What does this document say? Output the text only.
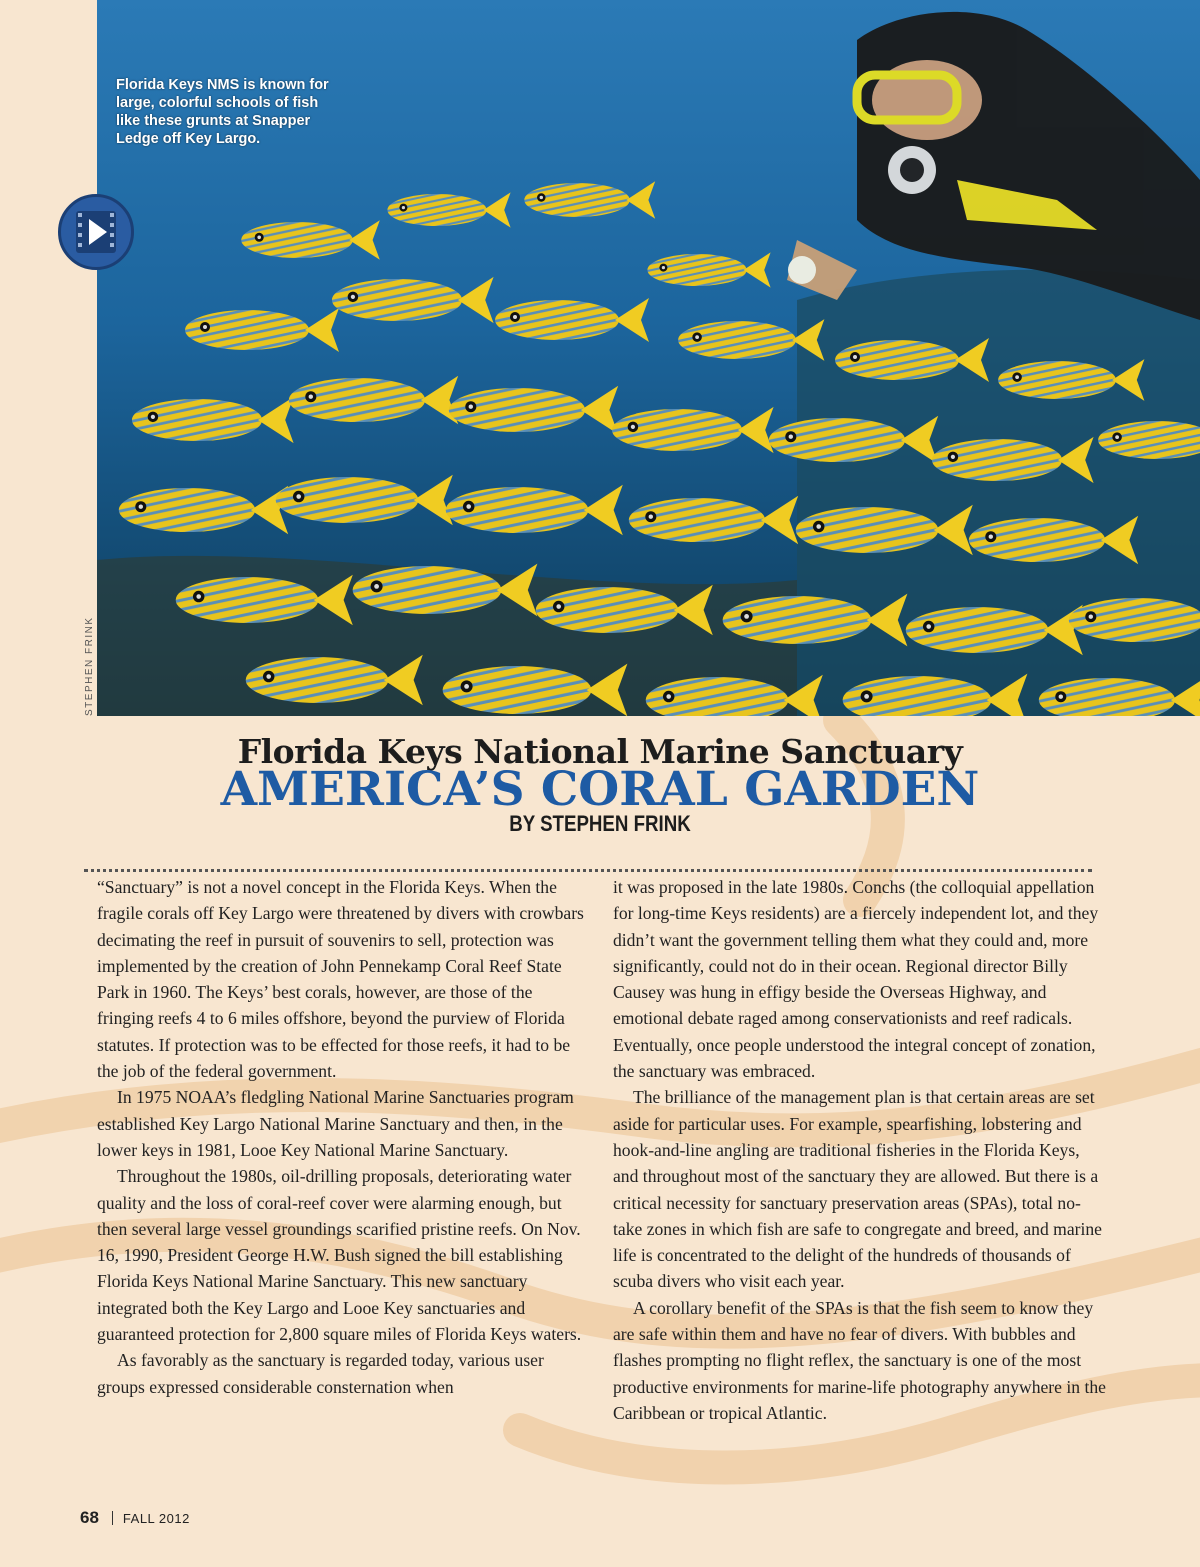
Florida Keys NMS is known for large, colorful schools of fish like these grunts at Snapper Ledge off Key Largo.
STEPHEN FRINK
Florida Keys National Marine Sanctuary
AMERICA’S CORAL GARDEN
BY STEPHEN FRINK

“Sanctuary” is not a novel concept in the Florida Keys. When the fragile corals off Key Largo were threatened by divers with crowbars decimating the reef in pursuit of souvenirs to sell, protection was implemented by the creation of John Pennekamp Coral Reef State Park in 1960. The Keys’ best corals, however, are those of the fringing reefs 4 to 6 miles offshore, beyond the purview of Florida statutes. If protection was to be effected for those reefs, it had to be the job of the federal government.

In 1975 NOAA’s fledgling National Marine Sanctuaries program established Key Largo National Marine Sanctuary and then, in the lower keys in 1981, Looe Key National Marine Sanctuary.

Throughout the 1980s, oil-drilling proposals, deteriorating water quality and the loss of coral-reef cover were alarming enough, but then several large vessel groundings scarified pristine reefs. On Nov. 16, 1990, President George H.W. Bush signed the bill establishing Florida Keys National Marine Sanctuary. This new sanctuary integrated both the Key Largo and Looe Key sanctuaries and guaranteed protection for 2,800 square miles of Florida Keys waters.

As favorably as the sanctuary is regarded today, various user groups expressed considerable consternation when

it was proposed in the late 1980s. Conchs (the colloquial appellation for long-time Keys residents) are a fiercely independent lot, and they didn’t want the government telling them what they could and, more significantly, could not do in their ocean. Regional director Billy Causey was hung in effigy beside the Overseas Highway, and emotional debate raged among conservationists and reef radicals. Eventually, once people understood the integral concept of zonation, the sanctuary was embraced.

The brilliance of the management plan is that certain areas are set aside for particular uses. For example, spearfishing, lobstering and hook-and-line angling are traditional fisheries in the Florida Keys, and throughout most of the sanctuary they are allowed. But there is a critical necessity for sanctuary preservation areas (SPAs), total no-take zones in which fish are safe to congregate and breed, and marine life is concentrated to the delight of the hundreds of thousands of scuba divers who visit each year.

A corollary benefit of the SPAs is that the fish seem to know they are safe within them and have no fear of divers. With bubbles and flashes prompting no flight reflex, the sanctuary is one of the most productive environments for marine-life photography anywhere in the Caribbean or tropical Atlantic.

68 FALL 2012
